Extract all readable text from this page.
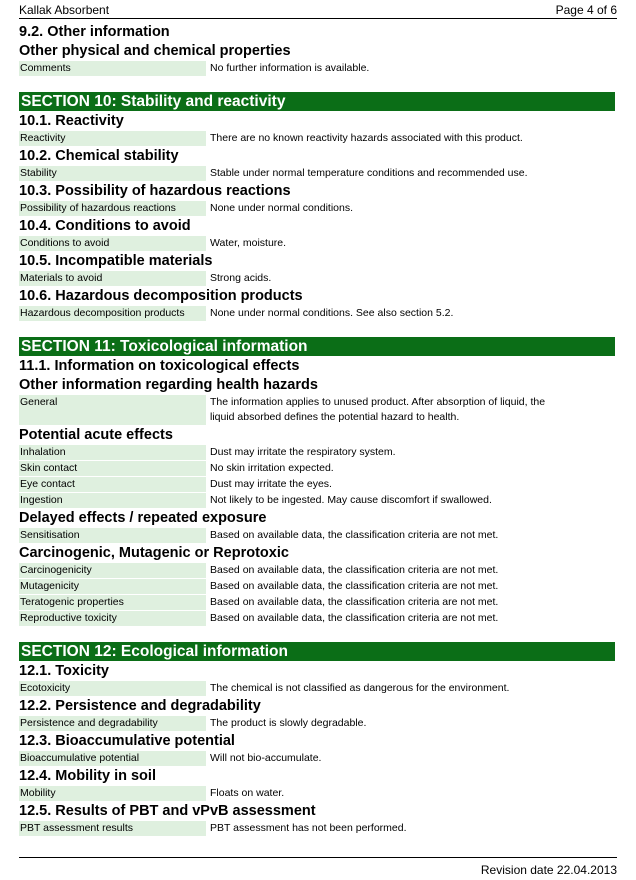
Kallak Absorbent	Page 4 of 6
9.2. Other information
Other physical and chemical properties
Comments	No further information is available.
SECTION 10: Stability and reactivity
10.1. Reactivity
Reactivity	There are no known reactivity hazards associated with this product.
10.2. Chemical stability
Stability	Stable under normal temperature conditions and recommended use.
10.3. Possibility of hazardous reactions
Possibility of hazardous reactions	None under normal conditions.
10.4. Conditions to avoid
Conditions to avoid	Water, moisture.
10.5. Incompatible materials
Materials to avoid	Strong acids.
10.6. Hazardous decomposition products
Hazardous decomposition products	None under normal conditions. See also section 5.2.
SECTION 11: Toxicological information
11.1. Information on toxicological effects
Other information regarding health hazards
General	The information applies to unused product. After absorption of liquid, the liquid absorbed defines the potential hazard to health.
Potential acute effects
Inhalation	Dust may irritate the respiratory system.
Skin contact	No skin irritation expected.
Eye contact	Dust may irritate the eyes.
Ingestion	Not likely to be ingested. May cause discomfort if swallowed.
Delayed effects / repeated exposure
Sensitisation	Based on available data, the classification criteria are not met.
Carcinogenic, Mutagenic or Reprotoxic
Carcinogenicity	Based on available data, the classification criteria are not met.
Mutagenicity	Based on available data, the classification criteria are not met.
Teratogenic properties	Based on available data, the classification criteria are not met.
Reproductive toxicity	Based on available data, the classification criteria are not met.
SECTION 12: Ecological information
12.1. Toxicity
Ecotoxicity	The chemical is not classified as dangerous for the environment.
12.2. Persistence and degradability
Persistence and degradability	The product is slowly degradable.
12.3. Bioaccumulative potential
Bioaccumulative potential	Will not bio-accumulate.
12.4. Mobility in soil
Mobility	Floats on water.
12.5. Results of PBT and vPvB assessment
PBT assessment results	PBT assessment has not been performed.
Revision date 22.04.2013
